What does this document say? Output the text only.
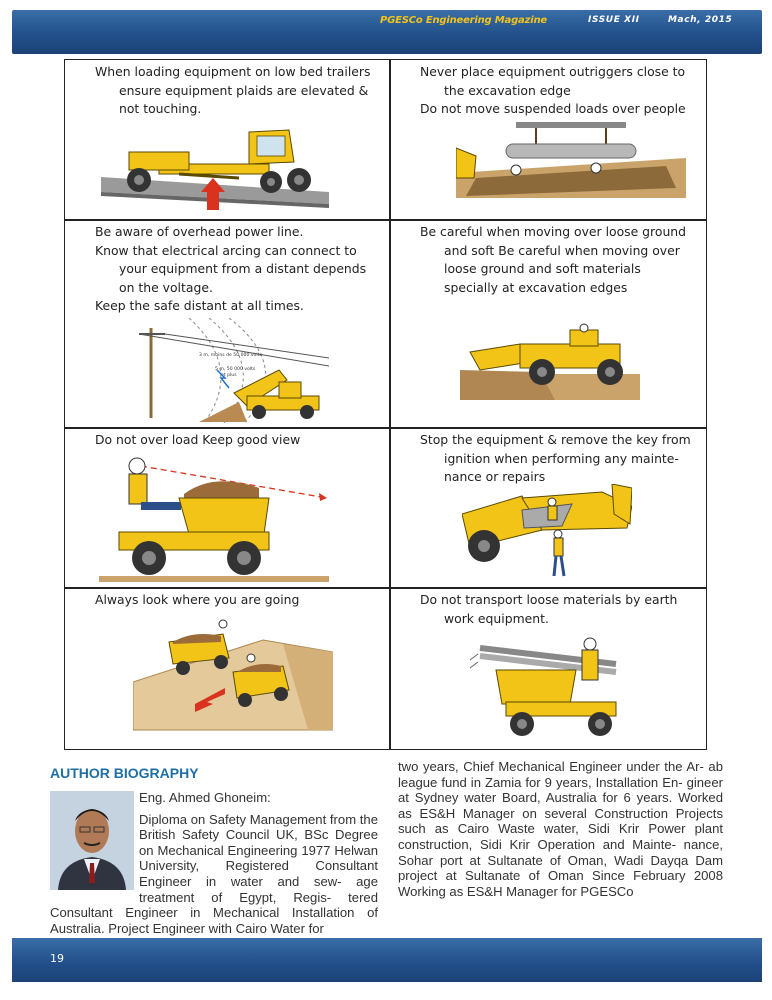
PGESCo Engineering Magazine	ISSUE XII	Mach, 2015

When loading equipment on low bed trailers ensure equipment plaids are elevated & not touching.

Never place equipment outriggers close to the excavation edge

Do not move suspended loads over people

Be aware of overhead power line.

Know that electrical arcing can connect to your equipment from a distant depends on the voltage.

Keep the safe distant at all times.

3 m, moins de 50 000 volts
5 m, 50 000 volts
et plus

Be careful when moving over loose ground and soft Be careful when moving over loose ground and soft materials specially at excavation edges

Do not over load Keep good view	Stop the equipment & remove the key from ignition when performing any mainte- nance or repairs

Always look where you are going	Do not transport loose materials by earth work equipment.

AUTHOR BIOGRAPHY

Eng. Ahmed Ghoneim:

Diploma on Safety Management from the British Safety Council UK, BSc Degree on Mechanical Engineering 1977 Helwan University, Registered Consultant Engineer in water and sew- age treatment of Egypt, Regis- tered Consultant Engineer in Mechanical Installation of Australia. Project Engineer with Cairo Water for
two years, Chief Mechanical Engineer under the Ar- ab league fund in Zamia for 9 years, Installation En- gineer at Sydney water Board, Australia for 6 years. Worked as ES&H Manager on several Construction Projects such as Cairo Waste water, Sidi Krir Power plant construction, Sidi Krir Operation and Mainte- nance, Sohar port at Sultanate of Oman, Wadi Dayqa Dam project at Sultanate of Oman Since February 2008 Working as ES&H Manager for PGESCo
19
